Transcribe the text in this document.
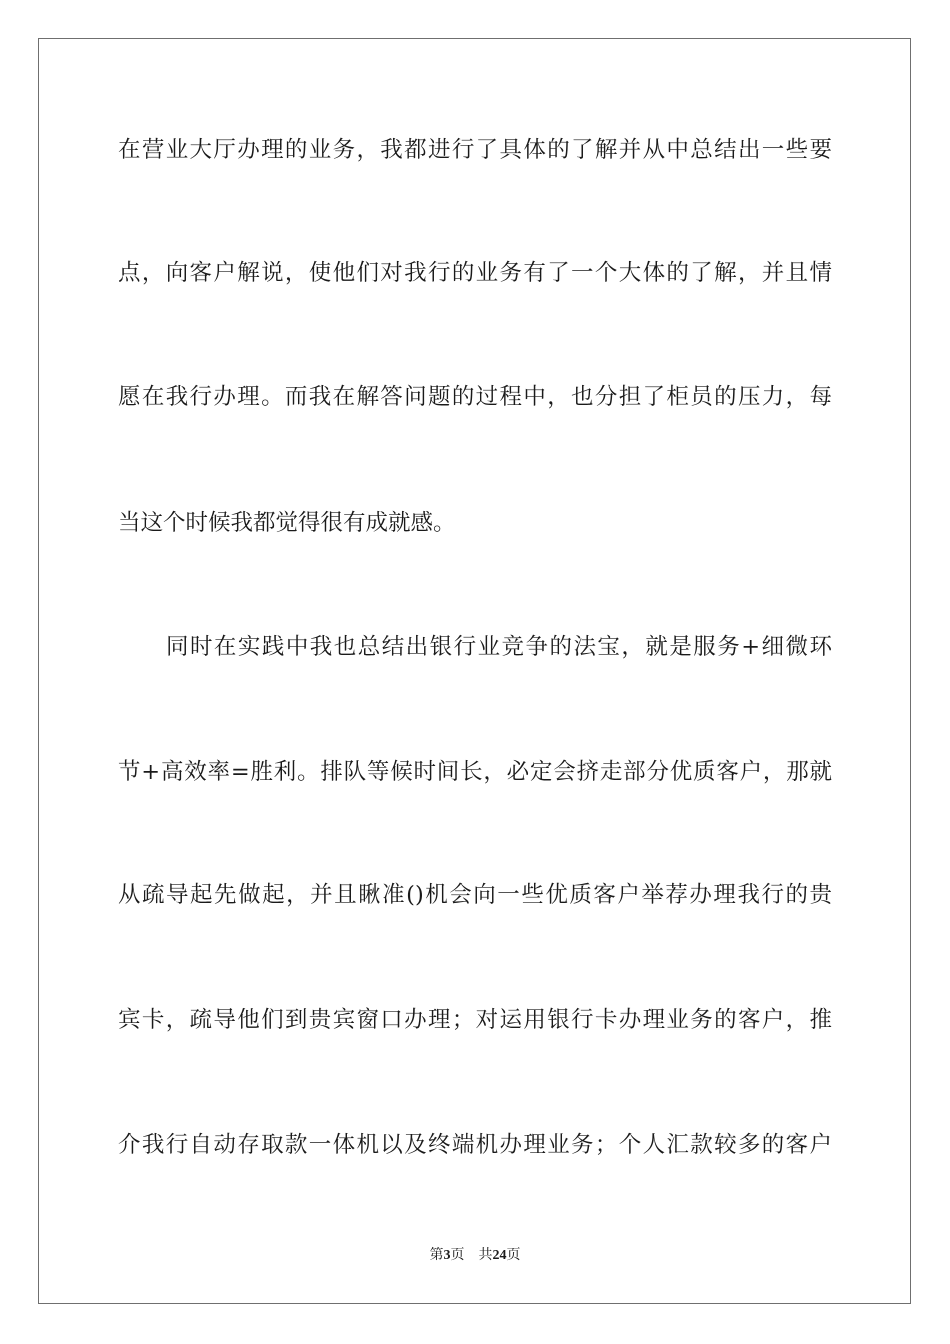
在营业大厅办理的业务，我都进行了具体的了解并从中总结出一些要
点，向客户解说，使他们对我行的业务有了一个大体的了解，并且情
愿在我行办理。而我在解答问题的过程中，也分担了柜员的压力，每
当这个时候我都觉得很有成就感。
同时在实践中我也总结出银行业竞争的法宝，就是服务+细微环
节+高效率=胜利。排队等候时间长，必定会挤走部分优质客户，那就
从疏导起先做起，并且瞅准()机会向一些优质客户举荐办理我行的贵
宾卡，疏导他们到贵宾窗口办理；对运用银行卡办理业务的客户，推
介我行自动存取款一体机以及终端机办理业务；个人汇款较多的客户
第3页 共24页
